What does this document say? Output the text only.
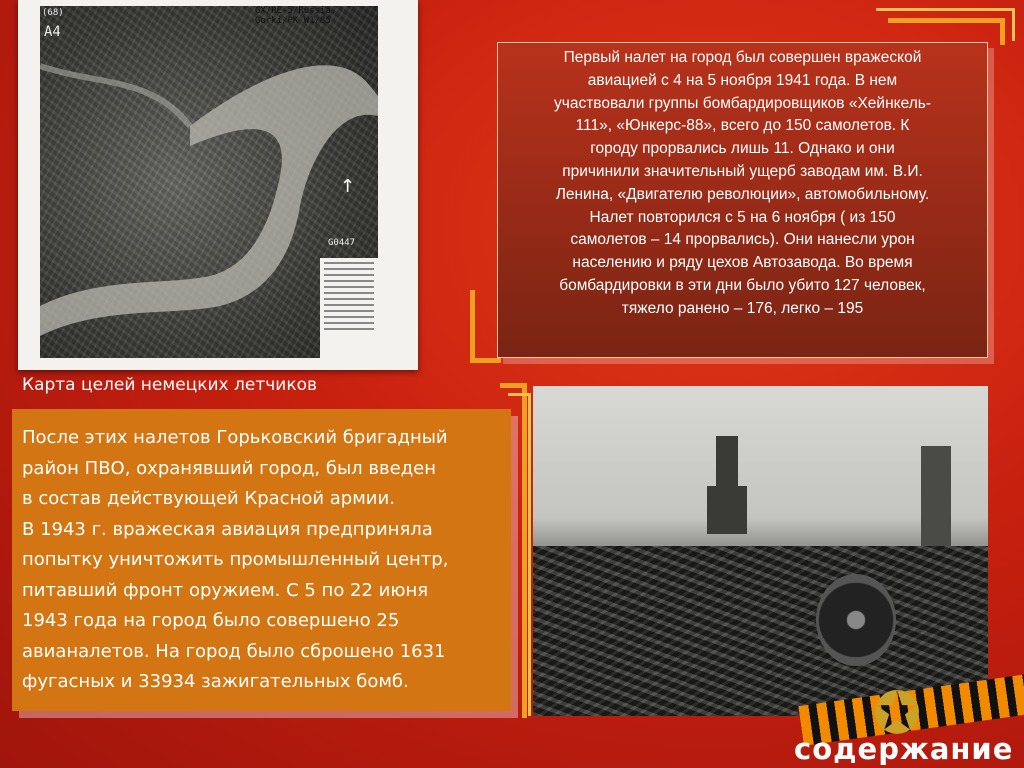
(68)
А4
GX/RE-5/Russia, Gorki/PK W1/85
G0447
↑
Карта целей немецких летчиков
Первый налет на город был совершен вражеской
авиацией с 4 на 5 ноября 1941 года. В нем
участвовали группы бомбардировщиков «Хейнкель-
111», «Юнкерс-88», всего до 150 самолетов. К
городу прорвались лишь 11. Однако и они
причинили значительный ущерб заводам им. В.И.
Ленина, «Двигателю революции», автомобильному.
Налет повторился с 5 на 6 ноября ( из 150
самолетов – 14 прорвались). Они нанесли урон
населению и ряду цехов Автозавода. Во время
бомбардировки в эти дни было убито 127 человек,
тяжело ранено – 176, легко – 195
После этих налетов Горьковский бригадный
район ПВО, охранявший город, был введен
в состав действующей Красной армии.
В 1943 г. вражеская авиация предприняла
попытку уничтожить промышленный центр,
питавший фронт оружием. С 5 по 22 июня
1943 года на город было совершено 25
авианалетов. На город было сброшено 1631
фугасных и 33934 зажигательных бомб.	✪
содержание
